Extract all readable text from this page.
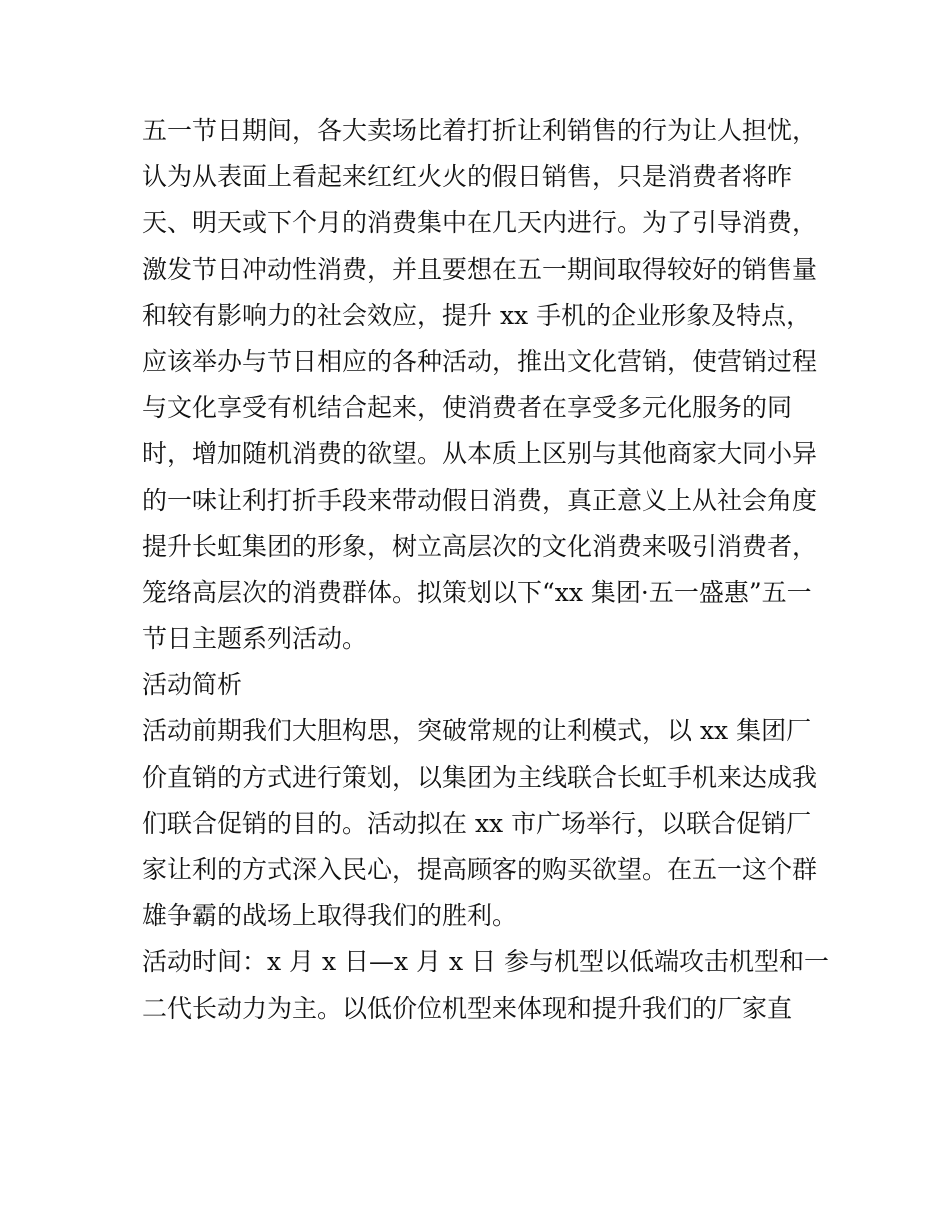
五一节日期间，各大卖场比着打折让利销售的行为让人担忧，

认为从表面上看起来红红火火的假日销售，只是消费者将昨

天、明天或下个月的消费集中在几天内进行。为了引导消费，

激发节日冲动性消费，并且要想在五一期间取得较好的销售量

和较有影响力的社会效应，提升 xx 手机的企业形象及特点，

应该举办与节日相应的各种活动，推出文化营销，使营销过程

与文化享受有机结合起来，使消费者在享受多元化服务的同

时，增加随机消费的欲望。从本质上区别与其他商家大同小异

的一味让利打折手段来带动假日消费，真正意义上从社会角度

提升长虹集团的形象，树立高层次的文化消费来吸引消费者，

笼络高层次的消费群体。拟策划以下“xx 集团·五一盛惠”五一

节日主题系列活动。

活动简析

活动前期我们大胆构思，突破常规的让利模式，以 xx 集团厂

价直销的方式进行策划，以集团为主线联合长虹手机来达成我

们联合促销的目的。活动拟在 xx 市广场举行，以联合促销厂

家让利的方式深入民心，提高顾客的购买欲望。在五一这个群

雄争霸的战场上取得我们的胜利。

活动时间：x 月 x 日—x 月 x 日 参与机型以低端攻击机型和一

二代长动力为主。以低价位机型来体现和提升我们的厂家直
